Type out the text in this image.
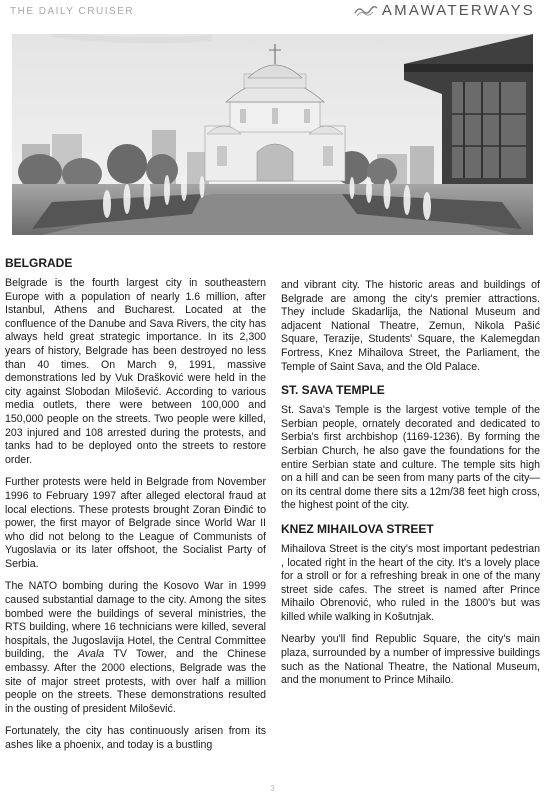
THE DAILY CRUISER	AMAWATERWAYS
BELGRADE

Belgrade is the fourth largest city in southeastern Europe with a population of nearly 1.6 million, after Istanbul, Athens and Bucharest. Located at the confluence of the Danube and Sava Rivers, the city has always held great strategic importance. In its 2,300 years of history, Belgrade has been destroyed no less than 40 times. On March 9, 1991, massive demonstrations led by Vuk Drašković were held in the city against Slobodan Milošević. According to various media outlets, there were between 100,000 and 150,000 people on the streets. Two people were killed, 203 injured and 108 arrested during the protests, and tanks had to be deployed onto the streets to restore order.

Further protests were held in Belgrade from November 1996 to February 1997 after alleged electoral fraud at local elections. These protests brought Zoran Đinđić to power, the first mayor of Belgrade since World War II who did not belong to the League of Communists of Yugoslavia or its later offshoot, the Socialist Party of Serbia.

The NATO bombing during the Kosovo War in 1999 caused substantial damage to the city. Among the sites bombed were the buildings of several ministries, the RTS building, where 16 technicians were killed, several hospitals, the Jugoslavija Hotel, the Central Committee building, the Avala TV Tower, and the Chinese embassy. After the 2000 elections, Belgrade was the site of major street protests, with over half a million people on the streets. These demonstrations resulted in the ousting of president Milošević.

Fortunately, the city has continuously arisen from its ashes like a phoenix, and today is a bustling

and vibrant city. The historic areas and buildings of Belgrade are among the city's premier attractions. They include Skadarlija, the National Museum and adjacent National Theatre, Zemun, Nikola Pašić Square, Terazije, Students' Square, the Kalemegdan Fortress, Knez Mihailova Street, the Parliament, the Temple of Saint Sava, and the Old Palace.

ST. SAVA TEMPLE

St. Sava's Temple is the largest votive temple of the Serbian people, ornately decorated and dedicated to Serbia's first archbishop (1169-1236). By forming the Serbian Church, he also gave the foundations for the entire Serbian state and culture. The temple sits high on a hill and can be seen from many parts of the city—on its central dome there sits a 12m/38 feet high cross, the highest point of the city.

KNEZ MIHAILOVA STREET

Mihailova Street is the city's most important pedestrian , located right in the heart of the city. It's a lovely place for a stroll or for a refreshing break in one of the many street side cafes. The street is named after Prince Mihailo Obrenović, who ruled in the 1800's but was killed while walking in Košutnjak.

Nearby you'll find Republic Square, the city's main plaza, surrounded by a number of impressive buildings such as the National Theatre, the National Museum, and the monument to Prince Mihailo.

3
